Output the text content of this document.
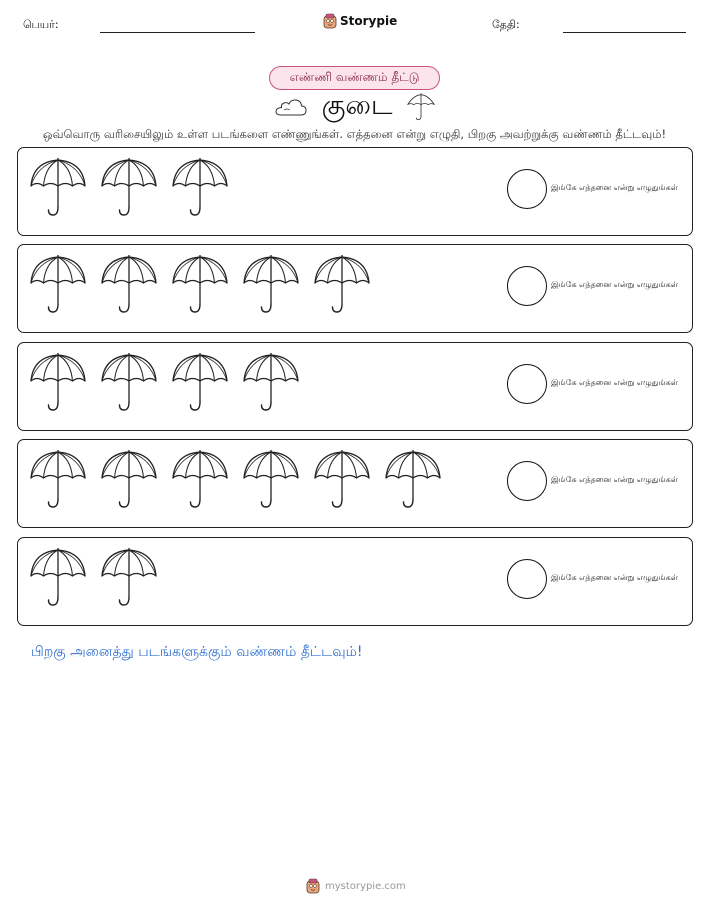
பெயர்:	Storypie	தேதி:
எண்ணி வண்ணம் தீட்டு
குடை
ஒவ்வொரு வரிசையிலும் உள்ள படங்களை எண்ணுங்கள். எத்தனை என்று எழுதி, பிறகு அவற்றுக்கு வண்ணம் தீட்டவும்!
இங்கே எத்தனை என்று எழுதுங்கள்
இங்கே எத்தனை என்று எழுதுங்கள்
இங்கே எத்தனை என்று எழுதுங்கள்
இங்கே எத்தனை என்று எழுதுங்கள்
இங்கே எத்தனை என்று எழுதுங்கள்
பிறகு அனைத்து படங்களுக்கும் வண்ணம் தீட்டவும்!
mystorypie.com
